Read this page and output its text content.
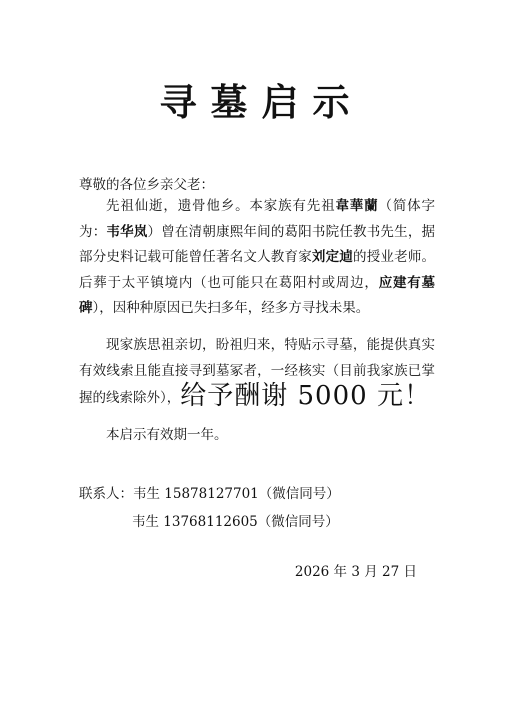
寻墓启示
尊敬的各位乡亲父老：
先祖仙逝，遗骨他乡。本家族有先祖韋華蘭（简体字为：韦华岚）曾在清朝康熙年间的葛阳书院任教书先生，据部分史料记载可能曾任著名文人教育家刘定逌的授业老师。后葬于太平镇境内（也可能只在葛阳村或周边，应建有墓碑），因种种原因已失扫多年，经多方寻找未果。
现家族思祖亲切，盼祖归来，特贴示寻墓，能提供真实有效线索且能直接寻到墓冢者，一经核实（目前我家族已掌握的线索除外），给予酬谢 5000 元！
本启示有效期一年。
联系人：韦生 15878127701（微信同号）
韦生 13768112605（微信同号）
2026 年 3 月 27 日
